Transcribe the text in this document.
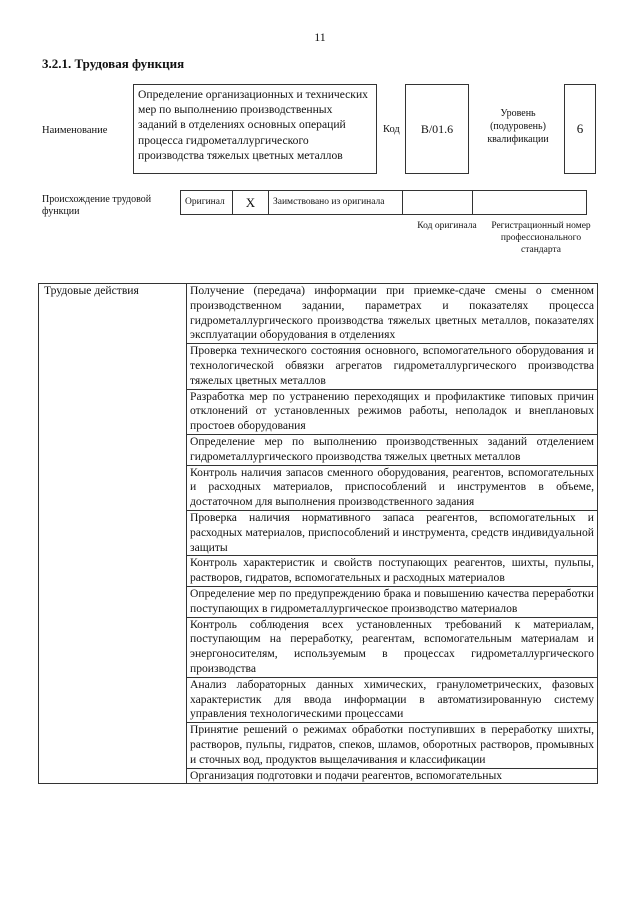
11
3.2.1. Трудовая функция
Наименование
Определение организационных и технических мер по выполнению производственных заданий в отделениях основных операций процесса гидрометаллургического производства тяжелых цветных металлов
Код B/01.6
Уровень (подуровень) квалификации
6
Происхождение трудовой функции
Оригинал	X	Заимствовано из оригинала		
Код оригинала	Регистрационный номер профессионального стандарта
Трудовые действия	Получение (передача) информации при приемке-сдаче смены о сменном производственном задании, параметрах и показателях процесса гидрометаллургического производства тяжелых цветных металлов, показателях эксплуатации оборудования в отделениях
Проверка технического состояния основного, вспомогательного оборудования и технологической обвязки агрегатов гидрометаллургического производства тяжелых цветных металлов
Разработка мер по устранению переходящих и профилактике типовых причин отклонений от установленных режимов работы, неполадок и внеплановых простоев оборудования
Определение мер по выполнению производственных заданий отделением гидрометаллургического производства тяжелых цветных металлов
Контроль наличия запасов сменного оборудования, реагентов, вспомогательных и расходных материалов, приспособлений и инструментов в объеме, достаточном для выполнения производственного задания
Проверка наличия нормативного запаса реагентов, вспомогательных и расходных материалов, приспособлений и инструмента, средств индивидуальной защиты
Контроль характеристик и свойств поступающих реагентов, шихты, пульпы, растворов, гидратов, вспомогательных и расходных материалов
Определение мер по предупреждению брака и повышению качества переработки поступающих в гидрометаллургическое производство материалов
Контроль соблюдения всех установленных требований к материалам, поступающим на переработку, реагентам, вспомогательным материалам и энергоносителям, используемым в процессах гидрометаллургического производства
Анализ лабораторных данных химических, гранулометрических, фазовых характеристик для ввода информации в автоматизированную систему управления технологическими процессами
Принятие решений о режимах обработки поступивших в переработку шихты, растворов, пульпы, гидратов, спеков, шламов, оборотных растворов, промывных и сточных вод, продуктов выщелачивания и классификации
Организация подготовки и подачи реагентов, вспомогательных
